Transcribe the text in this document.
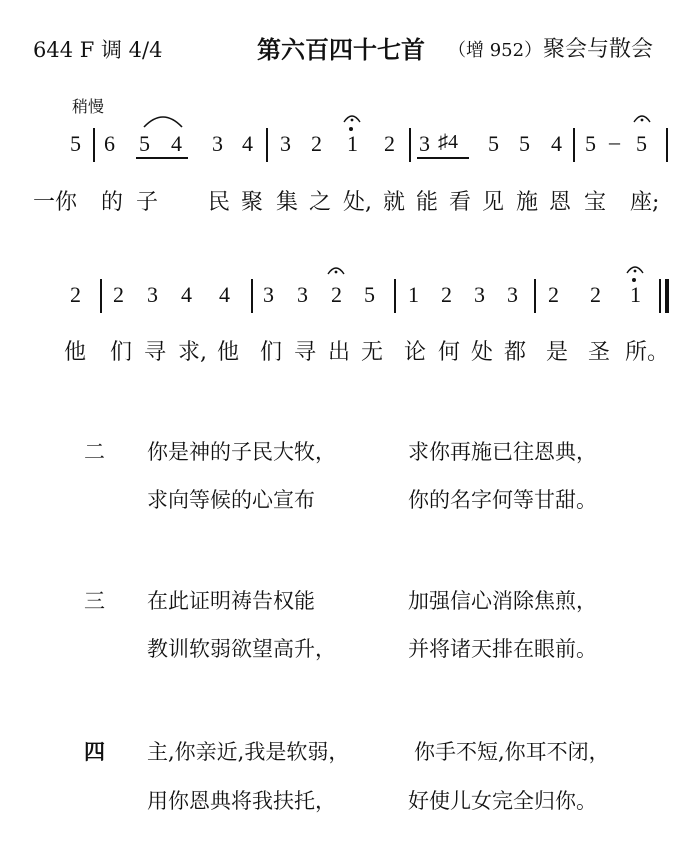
644 F 调 4/4	第六百四十七首 （增 952） 聚会与散会
稍慢
5 6 5 4 3 4 3 2 1 2 3 ♯4 5 5 4 5 – 5
一你 的 子 民 聚 集 之 处, 就 能 看 见 施 恩 宝 座;
2 2 3 4 4 3 3 2 5 1 2 3 3 2 2 1
他 们 寻 求, 他 们 寻 出 无 论 何 处 都 是 圣 所。
二 你是神的子民大牧，	求你再施已往恩典，
求向等候的心宣布	你的名字何等甘甜。
三 在此证明祷告权能	加强信心消除焦煎，
教训软弱欲望高升，	并将诸天排在眼前。
四 主,你亲近,我是软弱，	你手不短,你耳不闭，
用你恩典将我扶托，	好使儿女完全归你。
